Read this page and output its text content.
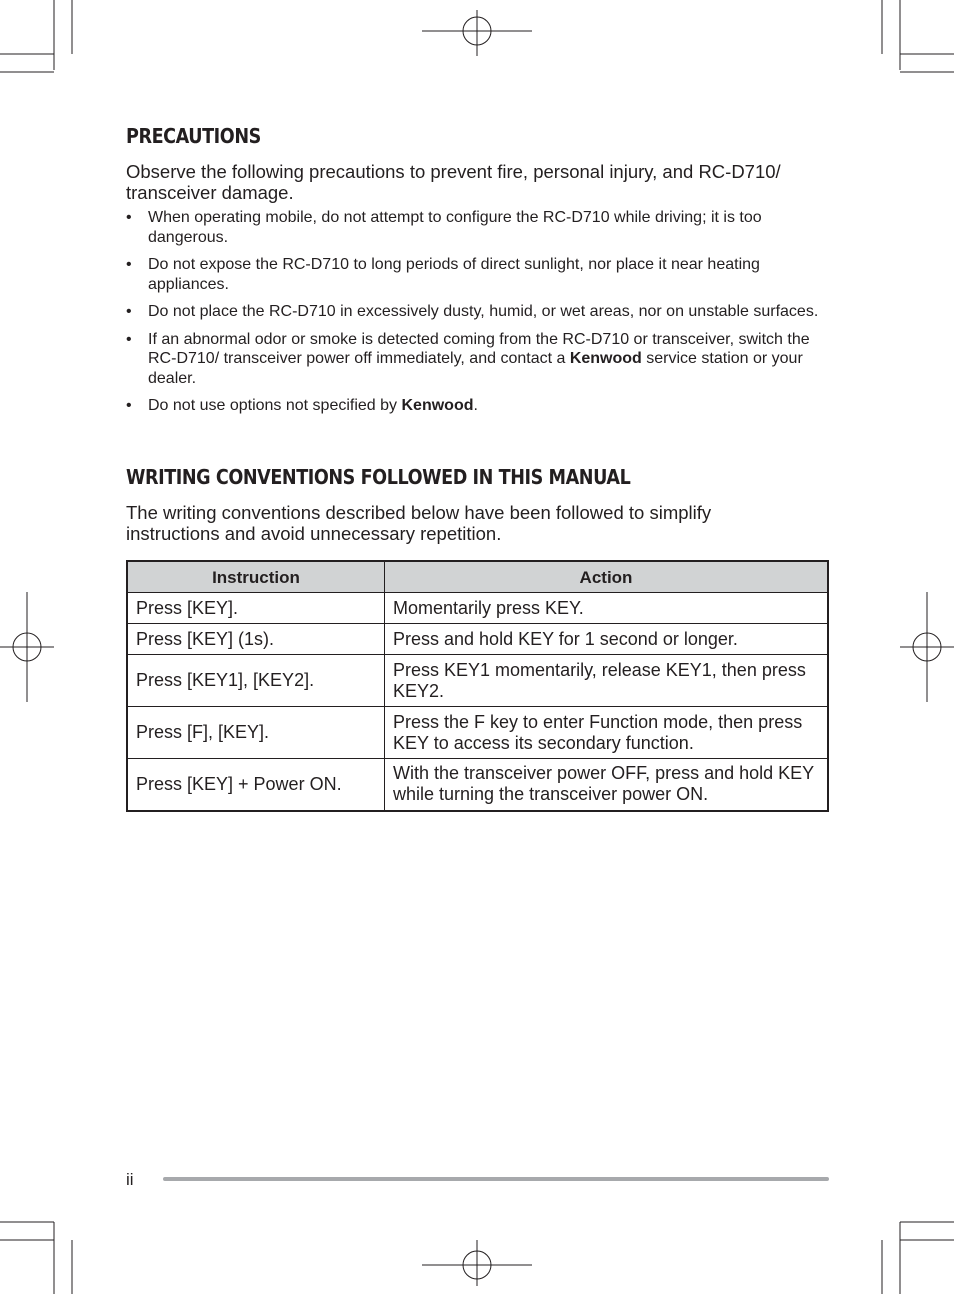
PRECAUTIONS

Observe the following precautions to prevent fire, personal injury, and RC-D710/
transceiver damage.

• When operating mobile, do not attempt to configure the RC-D710 while driving; it is too dangerous.
• Do not expose the RC-D710 to long periods of direct sunlight, nor place it near heating appliances.
• Do not place the RC-D710 in excessively dusty, humid, or wet areas, nor on unstable surfaces.
• If an abnormal odor or smoke is detected coming from the RC-D710 or transceiver, switch the RC-D710/ transceiver power off immediately, and contact a Kenwood service station or your dealer.
• Do not use options not specified by Kenwood.
WRITING CONVENTIONS FOLLOWED IN THIS MANUAL

The writing conventions described below have been followed to simplify
instructions and avoid unnecessary repetition.

Instruction	Action
Press [KEY].	Momentarily press KEY.
Press [KEY] (1s).	Press and hold KEY for 1 second or longer.
Press [KEY1], [KEY2].	Press KEY1 momentarily, release KEY1, then press KEY2.
Press [F], [KEY].	Press the F key to enter Function mode, then press KEY to access its secondary function.
Press [KEY] + Power ON.	With the transceiver power OFF, press and hold KEY while turning the transceiver power ON.
ii
